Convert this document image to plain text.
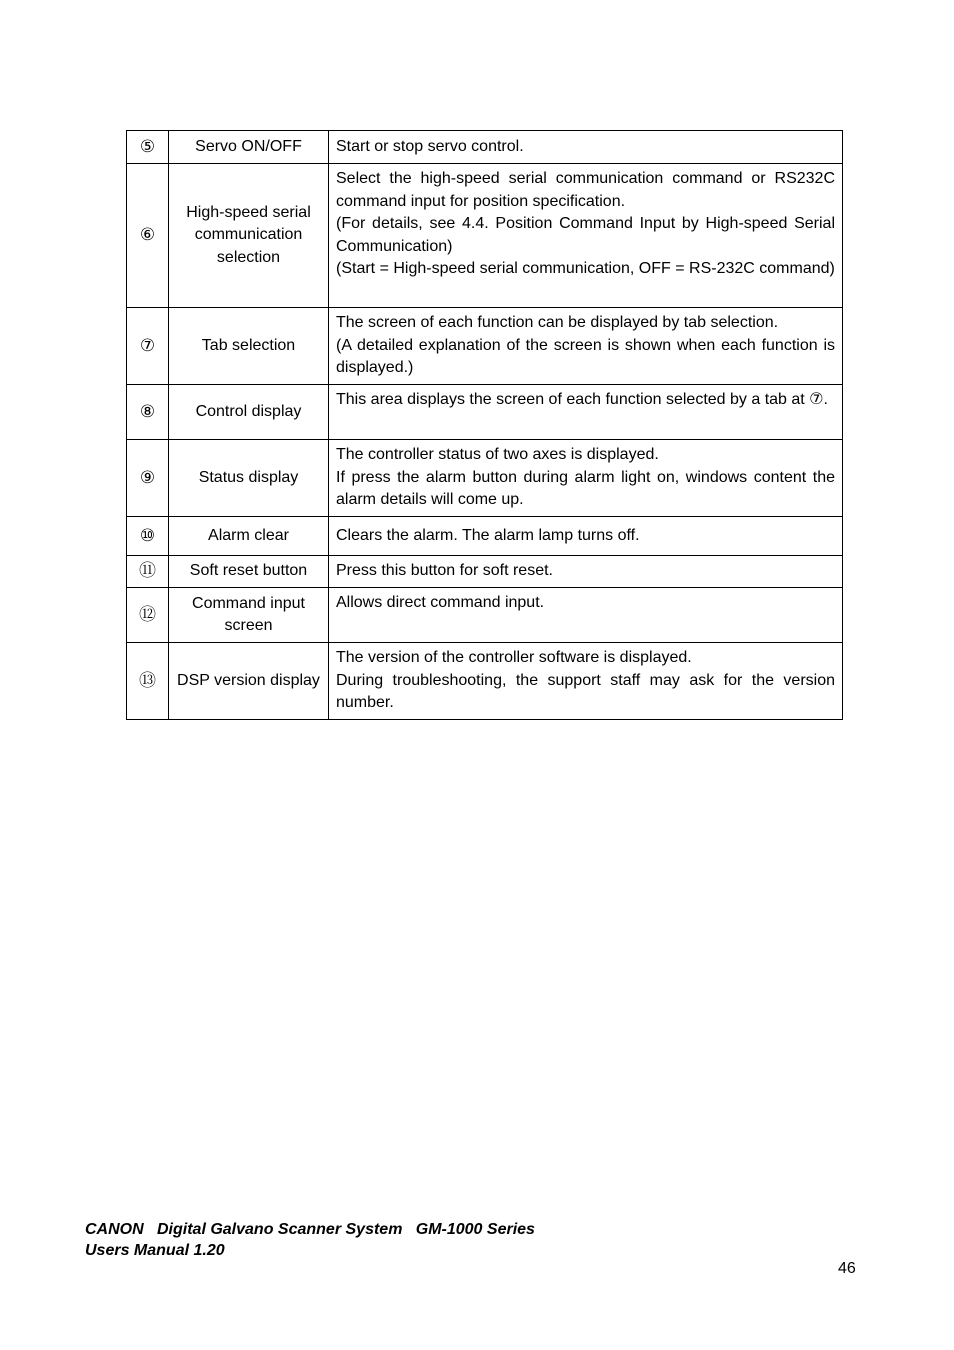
⑤	Servo ON/OFF	Start or stop servo control.

⑥	High-speed serial communication selection	Select the high-speed serial communication command or RS232C command input for position specification.
(For details, see 4.4. Position Command Input by High-speed Serial Communication)
(Start = High-speed serial communication, OFF = RS-232C command)

⑦	Tab selection	The screen of each function can be displayed by tab selection.
(A detailed explanation of the screen is shown when each function is displayed.)

⑧	Control display	This area displays the screen of each function selected by a tab at ⑦.

⑨	Status display	The controller status of two axes is displayed.
If press the alarm button during alarm light on, windows content the alarm details will come up.

⑩	Alarm clear	Clears the alarm. The alarm lamp turns off.

⑪	Soft reset button	Press this button for soft reset.

⑫	Command input screen	Allows direct command input.

⑬	DSP version display	The version of the controller software is displayed.
During troubleshooting, the support staff may ask for the version number.
CANON   Digital Galvano Scanner System   GM-1000 Series
Users Manual 1.20
46
